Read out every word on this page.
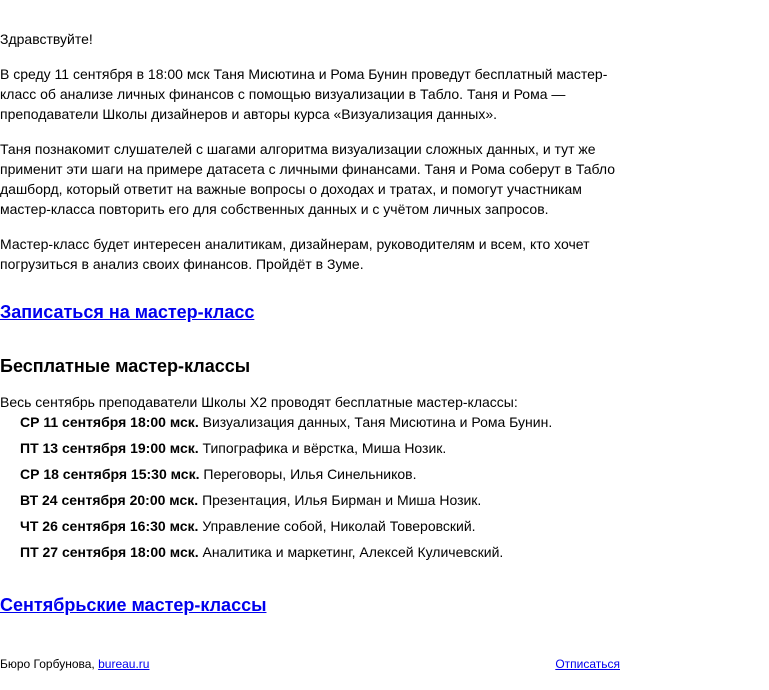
Здравствуйте!

В среду 11 сентября в 18:00 мск Таня Мисютина и Рома Бунин проведут бесплатный мастер-класс об анализе личных финансов с помощью визуализации в Табло. Таня и Рома — преподаватели Школы дизайнеров и авторы курса «Визуализация данных».

Таня познакомит слушателей с шагами алгоритма визуализации сложных данных, и тут же применит эти шаги на примере датасета с личными финансами. Таня и Рома соберут в Табло дашборд, который ответит на важные вопросы о доходах и тратах, и помогут участникам мастер-класса повторить его для собственных данных и с учётом личных запросов.

Мастер-класс будет интересен аналитикам, дизайнерам, руководителям и всем, кто хочет погрузиться в анализ своих финансов. Пройдёт в Зуме.

Записаться на мастер-класс
Бесплатные мастер-классы

Весь сентябрь преподаватели Школы X2 проводят бесплатные мастер-классы:

СР 11 сентября 18:00 мск. Визуализация данных, Таня Мисютина и Рома Бунин.
ПТ 13 сентября 19:00 мск. Типографика и вёрстка, Миша Нозик.
СР 18 сентября 15:30 мск. Переговоры, Илья Синельников.
ВТ 24 сентября 20:00 мск. Презентация, Илья Бирман и Миша Нозик.
ЧТ 26 сентября 16:30 мск. Управление собой, Николай Товеровский.
ПТ 27 сентября 18:00 мск. Аналитика и маркетинг, Алексей Куличевский.
Сентябрьские мастер-классы
Бюро Горбунова, bureau.ru	Отписаться
